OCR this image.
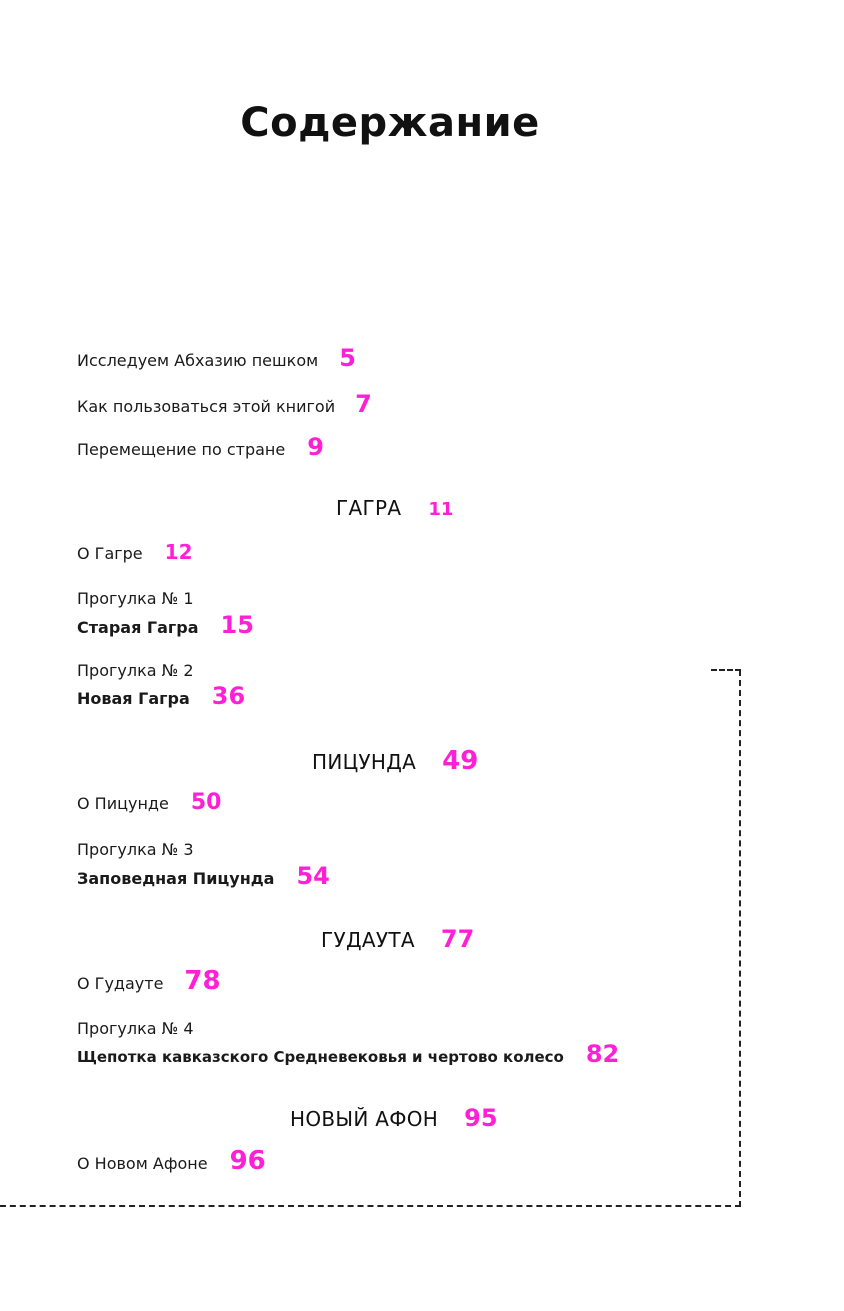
Содержание
Исследуем Абхазию пешком 5
Как пользоваться этой книгой 7
Перемещение по стране 9
ГАГРА 11
О Гагре 12
Прогулка № 1
Старая Гагра 15
Прогулка № 2
Новая Гагра 36
ПИЦУНДА 49
О Пицунде 50
Прогулка № 3
Заповедная Пицунда 54
ГУДАУТА 77
О Гудауте 78
Прогулка № 4
Щепотка кавказского Средневековья и чертово колесо 82
НОВЫЙ АФОН 95
О Новом Афоне 96
